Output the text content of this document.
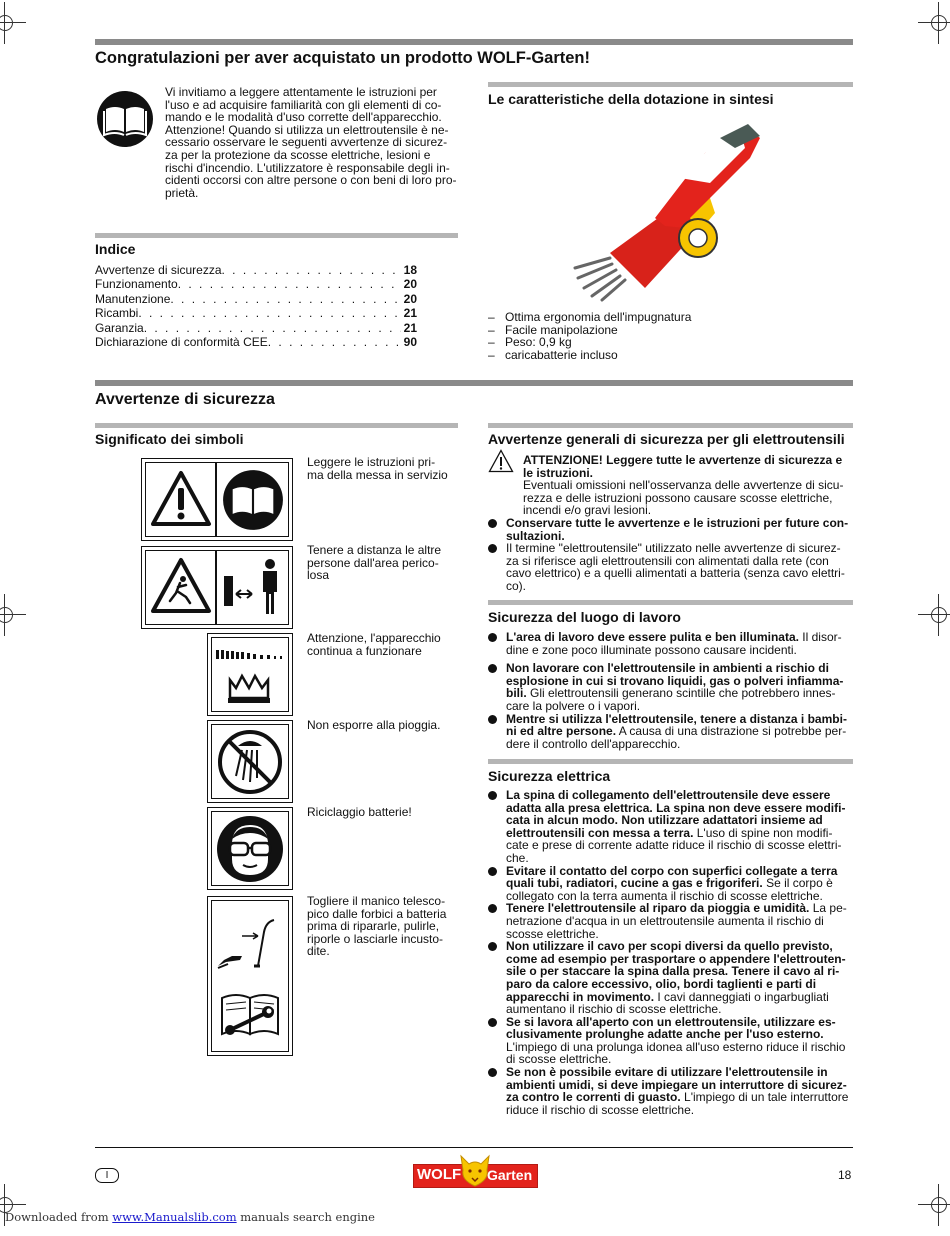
Congratulazioni per aver acquistato un prodotto WOLF-Garten!
Vi invitiamo a leggere attentamente le istruzioni per
l'uso e ad acquisire familiarità con gli elementi di co-
mando e le modalità d'uso corrette dell'apparecchio.
Attenzione! Quando si utilizza un elettroutensile è ne-
cessario osservare le seguenti avvertenze di sicurez-
za per la protezione da scosse elettriche, lesioni e
rischi d'incendio. L'utilizzatore è responsabile degli in-
cidenti occorsi con altre persone o con beni di loro pro-
prietà.
Le caratteristiche della dotazione in sintesi
– Ottima ergonomia dell'impugnatura
– Facile manipolazione
– Peso: 0,9 kg
– caricabatterie incluso
Indice
Avvertenze di sicurezza . . .	18
Funzionamento . . .	20
Manutenzione . . .	20
Ricambi . . .	21
Garanzia . . .	21
Dichiarazione di conformità CEE . . .	90
Avvertenze di sicurezza
Significato dei simboli
Leggere le istruzioni pri-
ma della messa in servizio
Tenere a distanza le altre
persone dall'area perico-
losa
Attenzione, l'apparecchio
continua a funzionare
Non esporre alla pioggia.
Riciclaggio batterie!
Togliere il manico telesco-
pico dalle forbici a batteria
prima di ripararle, pulirle,
riporle o lasciarle incusto-
dite.
Avvertenze generali di sicurezza per gli elettroutensili
ATTENZIONE! Leggere tutte le avvertenze di sicurezza e
le istruzioni.
Eventuali omissioni nell'osservanza delle avvertenze di sicu-
rezza e delle istruzioni possono causare scosse elettriche,
incendi e/o gravi lesioni.
Conservare tutte le avvertenze e le istruzioni per future con-
sultazioni.
Il termine "elettroutensile" utilizzato nelle avvertenze di sicurez-
za si riferisce agli elettroutensili con alimentati dalla rete (con
cavo elettrico) e a quelli alimentati a batteria (senza cavo elettri-
co).
Sicurezza del luogo di lavoro
L'area di lavoro deve essere pulita e ben illuminata. Il disor-
dine e zone poco illuminate possono causare incidenti.
Non lavorare con l'elettroutensile in ambienti a rischio di
esplosione in cui si trovano liquidi, gas o polveri infiamma-
bili. Gli elettroutensili generano scintille che potrebbero innes-
care la polvere o i vapori.
Mentre si utilizza l'elettroutensile, tenere a distanza i bambi-
ni ed altre persone. A causa di una distrazione si potrebbe per-
dere il controllo dell'apparecchio.
Sicurezza elettrica
La spina di collegamento dell'elettroutensile deve essere
adatta alla presa elettrica. La spina non deve essere modifi-
cata in alcun modo. Non utilizzare adattatori insieme ad
elettroutensili con messa a terra. L'uso di spine non modifi-
cate e prese di corrente adatte riduce il rischio di scosse elettri-
che.
Evitare il contatto del corpo con superfici collegate a terra
quali tubi, radiatori, cucine a gas e frigoriferi. Se il corpo è
collegato con la terra aumenta il rischio di scosse elettriche.
Tenere l'elettroutensile al riparo da pioggia e umidità. La pe-
netrazione d'acqua in un elettroutensile aumenta il rischio di
scosse elettriche.
Non utilizzare il cavo per scopi diversi da quello previsto,
come ad esempio per trasportare o appendere l'elettrouten-
sile o per staccare la spina dalla presa. Tenere il cavo al ri-
paro da calore eccessivo, olio, bordi taglienti e parti di
apparecchi in movimento. I cavi danneggiati o ingarbugliati
aumentano il rischio di scosse elettriche.
Se si lavora all'aperto con un elettroutensile, utilizzare es-
clusivamente prolunghe adatte anche per l'uso esterno.
L'impiego di una prolunga idonea all'uso esterno riduce il rischio
di scosse elettriche.
Se non è possibile evitare di utilizzare l'elettroutensile in
ambienti umidi, si deve impiegare un interruttore di sicurez-
za contro le correnti di guasto. L'impiego di un tale interruttore
riduce il rischio di scosse elettriche.
I	WOLF Garten	18
Downloaded from www.Manualslib.com manuals search engine
